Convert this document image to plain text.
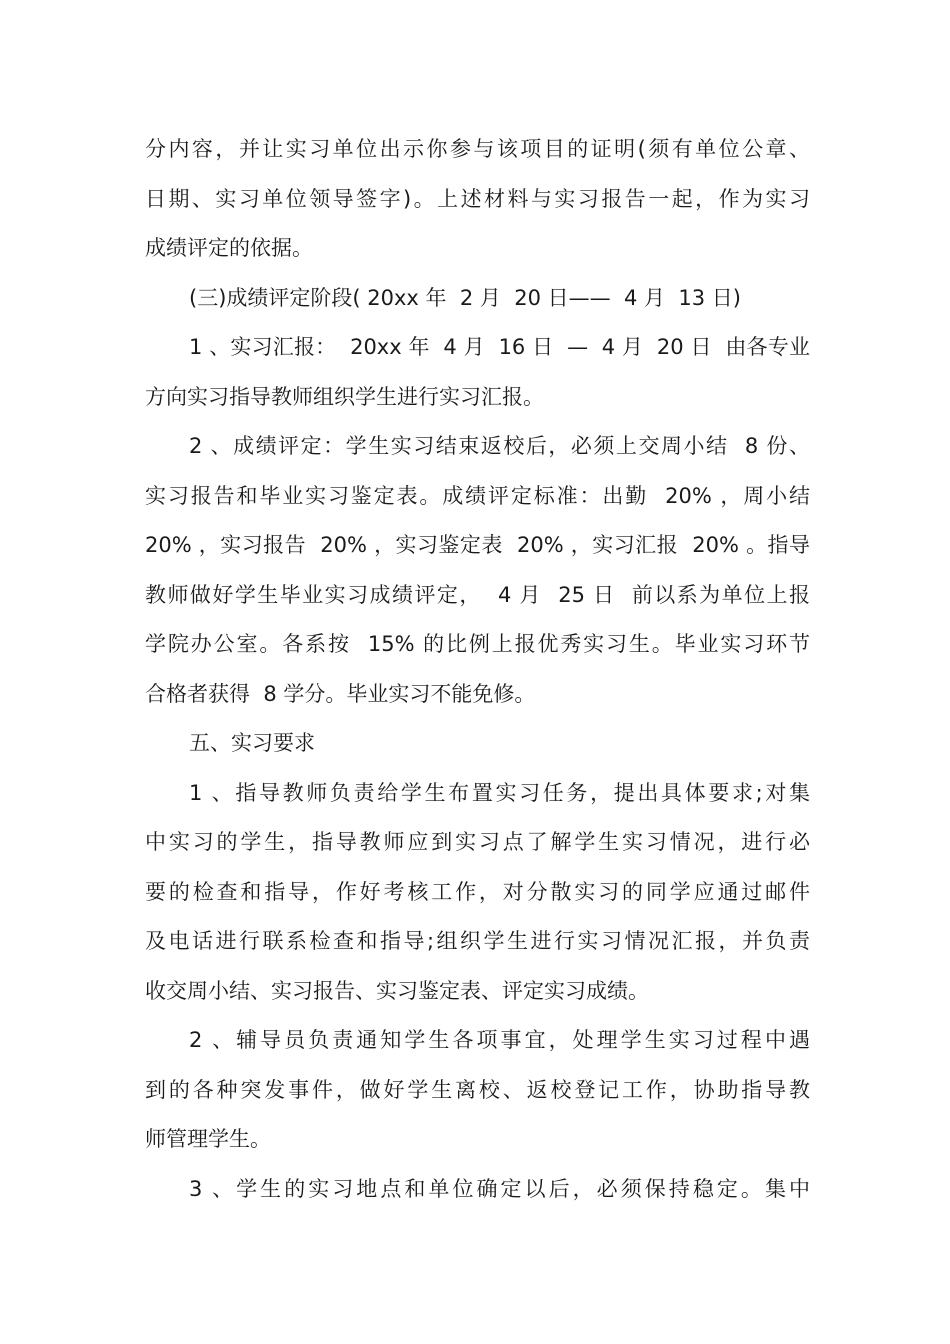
分内容，并让实习单位出示你参与该项目的证明(须有单位公章、
日期、实习单位领导签字)。上述材料与实习报告一起，作为实习
成绩评定的依据。
(三)成绩评定阶段( 20xx 年  2 月  20 日——  4 月  13 日)
1 、实习汇报：  20xx 年  4 月  16 日  —  4 月  20 日  由各专业
方向实习指导教师组织学生进行实习汇报。
2 、成绩评定：学生实习结束返校后，必须上交周小结  8 份、
实习报告和毕业实习鉴定表。成绩评定标准：出勤  20% ，周小结
20% ，实习报告  20% ，实习鉴定表  20% ，实习汇报  20% 。指导
教师做好学生毕业实习成绩评定，  4 月  25 日  前以系为单位上报
学院办公室。各系按  15% 的比例上报优秀实习生。毕业实习环节
合格者获得  8 学分。毕业实习不能免修。
五、实习要求
1 、指导教师负责给学生布置实习任务，提出具体要求;对集
中实习的学生，指导教师应到实习点了解学生实习情况，进行必
要的检查和指导，作好考核工作，对分散实习的同学应通过邮件
及电话进行联系检查和指导;组织学生进行实习情况汇报，并负责
收交周小结、实习报告、实习鉴定表、评定实习成绩。
2 、辅导员负责通知学生各项事宜，处理学生实习过程中遇
到的各种突发事件，做好学生离校、返校登记工作，协助指导教
师管理学生。
3 、学生的实习地点和单位确定以后，必须保持稳定。集中
